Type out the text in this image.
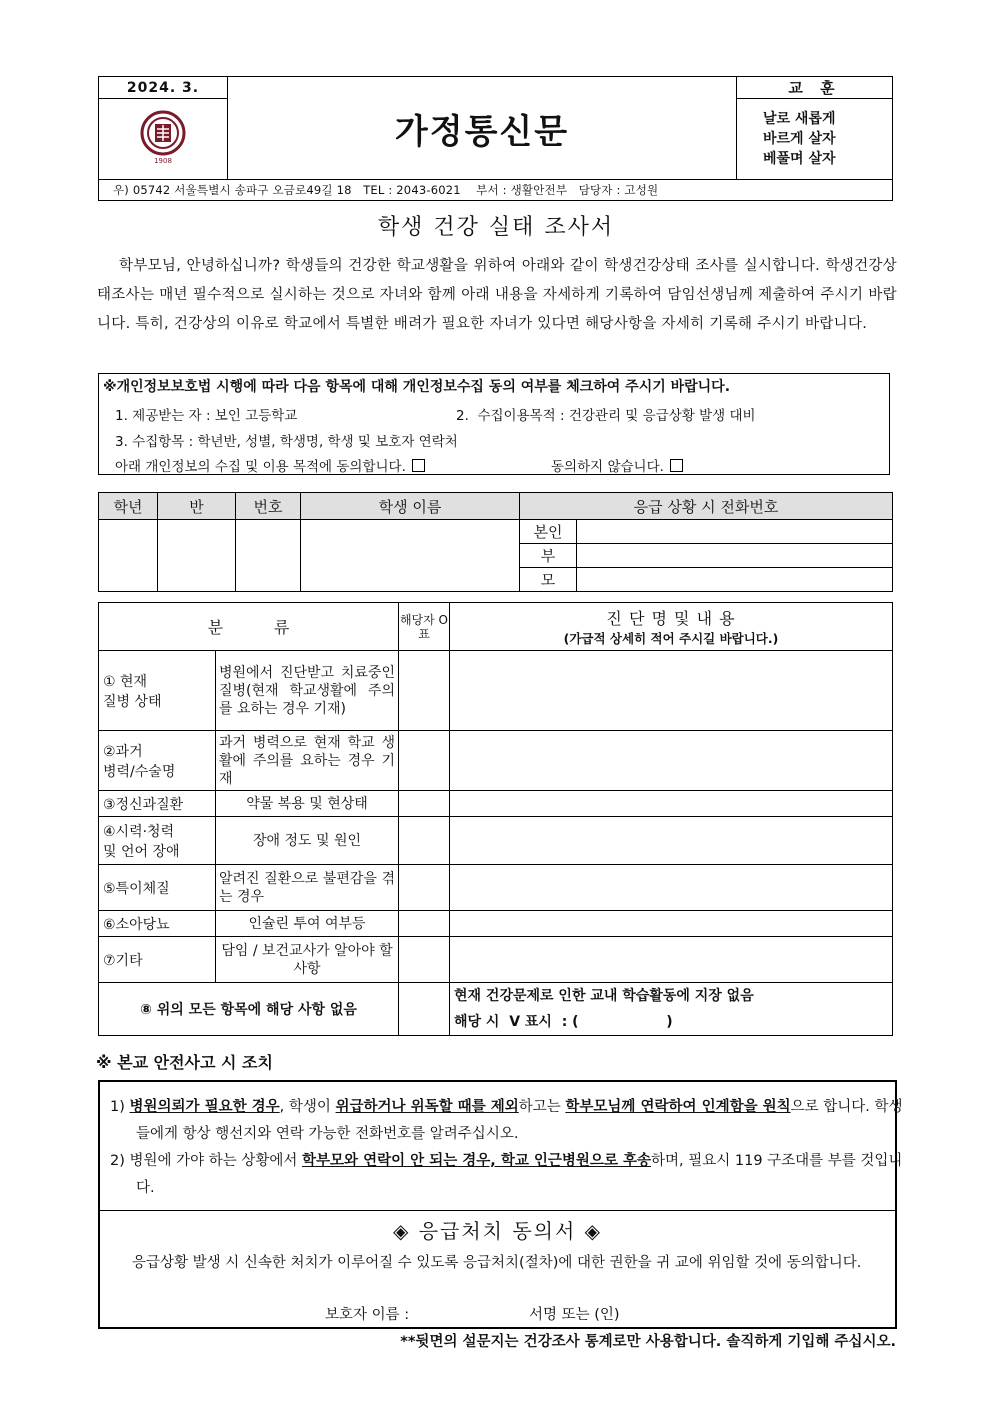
2024. 3.	가정통신문	교 훈

1908		날로 새롭게
바르게 살자
베풀며 살자

우) 05742 서울특별시 송파구 오금로49길 18   TEL : 2043-6021    부서 : 생활안전부   담당자 : 고성원		
학생 건강 실태 조사서
학부모님, 안녕하십니까? 학생들의 건강한 학교생활을 위하여 아래와 같이 학생건강상태 조사를 실시합니다. 학생건강상태조사는 매년 필수적으로 실시하는 것으로 자녀와 함께 아래 내용을 자세하게 기록하여 담임선생님께 제출하여 주시기 바랍니다. 특히, 건강상의 이유로 학교에서 특별한 배려가 필요한 자녀가 있다면 해당사항을 자세히 기록해 주시기 바랍니다.
※개인정보보호법 시행에 따라 다음 항목에 대해 개인정보수집 동의 여부를 체크하여 주시기 바랍니다.
1. 제공받는 자 : 보인 고등학교	2.  수집이용목적 : 건강관리 및 응급상황 발생 대비
3. 수집항목 : 학년반, 성별, 학생명, 학생 및 보호자 연락처
아래 개인정보의 수집 및 이용 목적에 동의합니다.	동의하지 않습니다.
학년	반	번호	학생 이름	응급 상황 시 전화번호	
				본인	
				부	
				모	
분          류		해당자 O표	진 단 명 및 내 용
(가급적 상세히 적어 주시길 바랍니다.)

① 현재
질병 상태	병원에서 진단받고 치료중인 질병(현재 학교생활에 주의를 요하는 경우 기재)		
②과거
병력/수술명	과거 병력으로 현재 학교 생활에 주의를 요하는 경우 기재		
③정신과질환	약물 복용 및 현상태		
④시력·청력
및 언어 장애	장애 정도 및 원인		
⑤특이체질	알려진 질환으로 불편감을 겪는 경우		
⑥소아당뇨	인슐린 투여 여부등		
⑦기타	담임 / 보건교사가 알아야 할 사항		
⑧ 위의 모든 항목에 해당 사항 없음			현재 건강문제로 인한 교내 학습활동에 지장 없음
해당 시  V 표시  : (                  )
※ 본교 안전사고 시 조치
1) 병원의뢰가 필요한 경우, 학생이 위급하거나 위독할 때를 제외하고는 학부모님께 연락하여 인계함을 원칙으로 합니다. 학생들에게 항상 행선지와 연락 가능한 전화번호를 알려주십시오.
2) 병원에 가야 하는 상황에서 학부모와 연락이 안 되는 경우, 학교 인근병원으로 후송하며, 필요시 119 구조대를 부를 것입니다.
◈ 응급처치 동의서 ◈
응급상황 발생 시 신속한 처치가 이루어질 수 있도록 응급처치(절차)에 대한 권한을 귀 교에 위임할 것에 동의합니다.
보호자 이름 :                          서명 또는 (인)
**뒷면의 설문지는 건강조사 통계로만 사용합니다. 솔직하게 기입해 주십시오.
